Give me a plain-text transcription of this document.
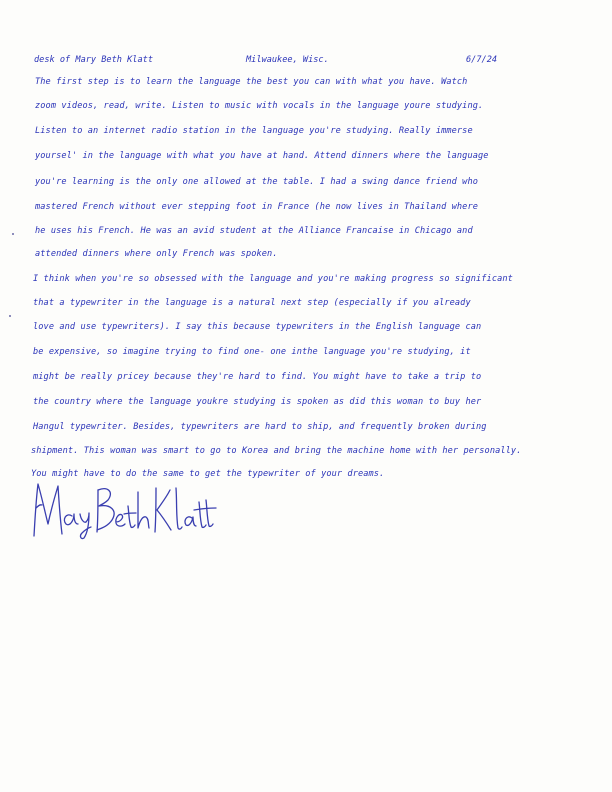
desk of Mary Beth Klatt	Milwaukee, Wisc.	6/7/24
The first step is to learn the language the best you can with what you have. Watch
zoom videos, read, write. Listen to music with vocals in the language youre studying.
Listen to an internet radio station in the language you're studying. Really immerse
yoursel' in the language with what you have at hand. Attend dinners where the language
you're learning is the only one allowed at the table. I had a swing dance friend who
mastered French without ever stepping foot in France (he now lives in Thailand where
he uses his French. He was an avid student at the Alliance Francaise in Chicago and
attended dinners where only French was spoken.
I think when you're so obsessed with the language and you're making progress so significant
that a typewriter in the language is a natural next step (especially if you already
love and use typewriters). I say this because typewriters in the English language can
be expensive, so imagine trying to find one- one inthe language you're studying, it
might be really pricey because they're hard to find. You might have to take a trip to
the country where the language youkre studying is spoken as did this woman to buy her
Hangul typewriter. Besides, typewriters are hard to ship, and frequently broken during
shipment. This woman was smart to go to Korea and bring the machine home with her personally.
You might have to do the same to get the typewriter of your dreams.
